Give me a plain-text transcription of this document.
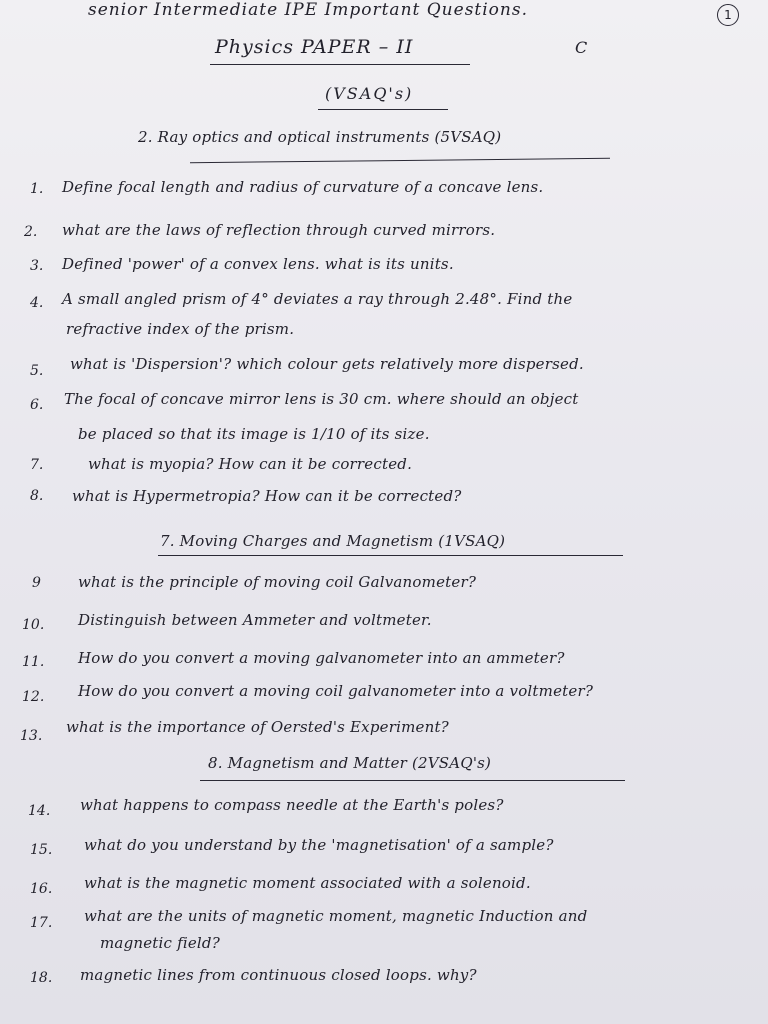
senior Intermediate IPE Important Questions.	1
Physics PAPER – II	C
(VSAQ's)
2. Ray optics and optical instruments (5VSAQ)
1. Define focal length and radius of curvature of a concave lens.
2. what are the laws of reflection through curved mirrors.
3. Defined 'power' of a convex lens. what is its units.
4. A small angled prism of 4° deviates a ray through 2.48°. Find the
refractive index of the prism.
5. what is 'Dispersion'? which colour gets relatively more dispersed.
6. The focal of concave mirror lens is 30 cm. where should an object
be placed so that its image is 1/10 of its size.
7.	what is myopia? How can it be corrected.
8. what is Hypermetropia? How can it be corrected?
7. Moving Charges and Magnetism (1VSAQ)
9 what is the principle of moving coil Galvanometer?
10. Distinguish between Ammeter and voltmeter.
11. How do you convert a moving galvanometer into an ammeter?
12. How do you convert a moving coil galvanometer into a voltmeter?
13. what is the importance of Oersted's Experiment?
8. Magnetism and Matter (2VSAQ's)
14. what happens to compass needle at the Earth's poles?
15. what do you understand by the 'magnetisation' of a sample?
16. what is the magnetic moment associated with a solenoid.
17. what are the units of magnetic moment, magnetic Induction and
magnetic field?
18. magnetic lines from continuous closed loops. why?
